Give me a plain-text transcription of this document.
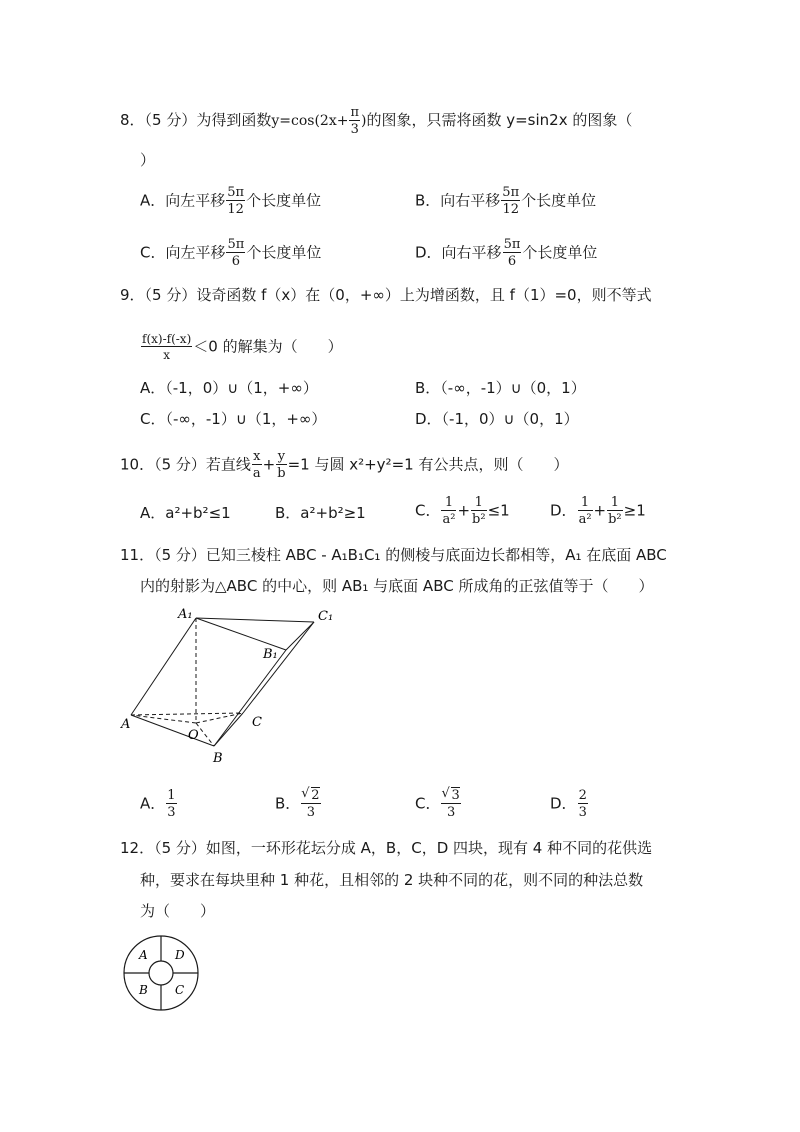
8．（5 分）为得到函数$y=\cos(2x+ \frac{\pi}{3}$ )的图象，只需将函数 y=sin2x 的图象（
）
A．向左平移 $\frac{5\pi}{12}$ 个长度单位	B．向右平移 $\frac{5\pi}{12}$ 个长度单位
C．向左平移 $\frac{5\pi}{6}$ 个长度单位	D．向右平移 $\frac{5\pi}{6}$ 个长度单位
9．（5 分）设奇函数 f（x）在（0，+∞）上为增函数，且 f（1）=0，则不等式
$\frac{f(x)-f(-x)}{x} <0$ 的解集为（　　）
A．（-1，0）∪（1，+∞）	B．（-∞，-1）∪（0，1）
C．（-∞，-1）∪（1，+∞）	D．（-1，0）∪（0，1）
10．（5 分）若直线 $\frac{x}{a} + \frac{y}{b} =1$ 与圆 x²+y²=1 有公共点，则（　　）
A．a²+b²≤1	B．a²+b²≥1	C． $\frac{1}{\text{a²}} + \frac{1}{\text{b²}} \le 1$	D． $\frac{1}{\text{a²}} + \frac{1}{\text{b²}} \ge 1$
11．（5 分）已知三棱柱 ABC - A₁B₁C₁ 的侧棱与底面边长都相等，A₁ 在底面 ABC
内的射影为△ABC 的中心，则 AB₁ 与底面 ABC 所成角的正弦值等于（　　）
A₁	C₁
B₁
A
O
C
B
A． $\frac{1}{3}$	B． √ $\frac{2}{3}$	C． √ $\frac{3}{3}$	D． $\frac{2}{3}$
12．（5 分）如图，一环形花坛分成 A，B，C，D 四块，现有 4 种不同的花供选
种，要求在每块里种 1 种花，且相邻的 2 块种不同的花，则不同的种法总数
为（　　）
A D
B C
